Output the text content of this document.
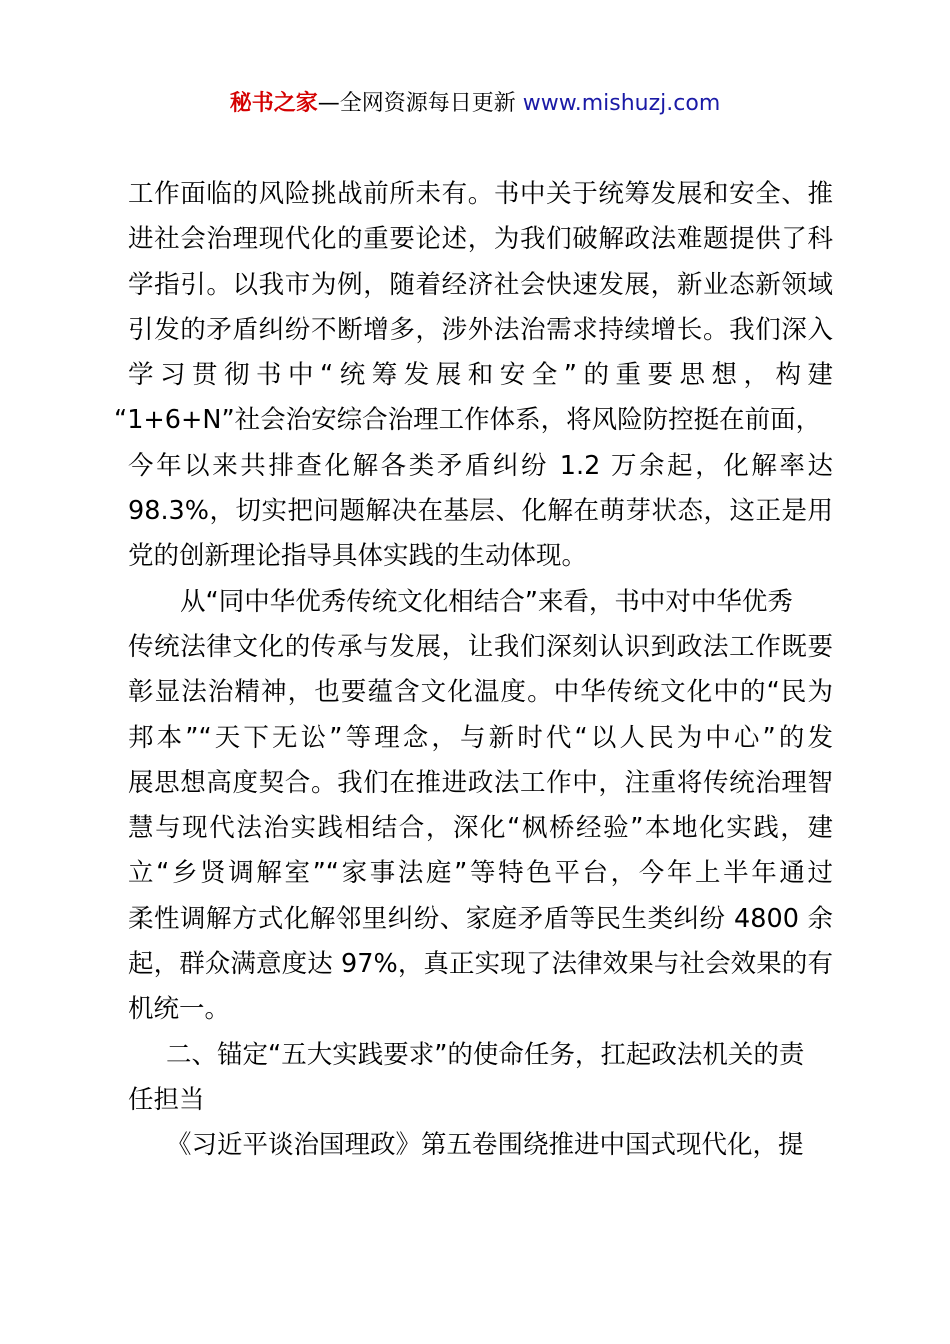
秘书之家—全网资源每日更新 www.mishuzj.com
工作面临的风险挑战前所未有。书中关于统筹发展和安全、推
进社会治理现代化的重要论述，为我们破解政法难题提供了科
学指引。以我市为例，随着经济社会快速发展，新业态新领域
引发的矛盾纠纷不断增多，涉外法治需求持续增长。我们深入
学习贯彻书中“统筹发展和安全”的重要思想，构建
“1+6+N”社会治安综合治理工作体系，将风险防控挺在前面，
今年以来共排查化解各类矛盾纠纷 1.2 万余起，化解率达
98.3%，切实把问题解决在基层、化解在萌芽状态，这正是用
党的创新理论指导具体实践的生动体现。
从“同中华优秀传统文化相结合”来看，书中对中华优秀
传统法律文化的传承与发展，让我们深刻认识到政法工作既要
彰显法治精神，也要蕴含文化温度。中华传统文化中的“民为
邦本”“天下无讼”等理念，与新时代“以人民为中心”的发
展思想高度契合。我们在推进政法工作中，注重将传统治理智
慧与现代法治实践相结合，深化“枫桥经验”本地化实践，建
立“乡贤调解室”“家事法庭”等特色平台，今年上半年通过
柔性调解方式化解邻里纠纷、家庭矛盾等民生类纠纷 4800 余
起，群众满意度达 97%，真正实现了法律效果与社会效果的有
机统一。
二、锚定“五大实践要求”的使命任务，扛起政法机关的责
任担当
《习近平谈治国理政》第五卷围绕推进中国式现代化，提
